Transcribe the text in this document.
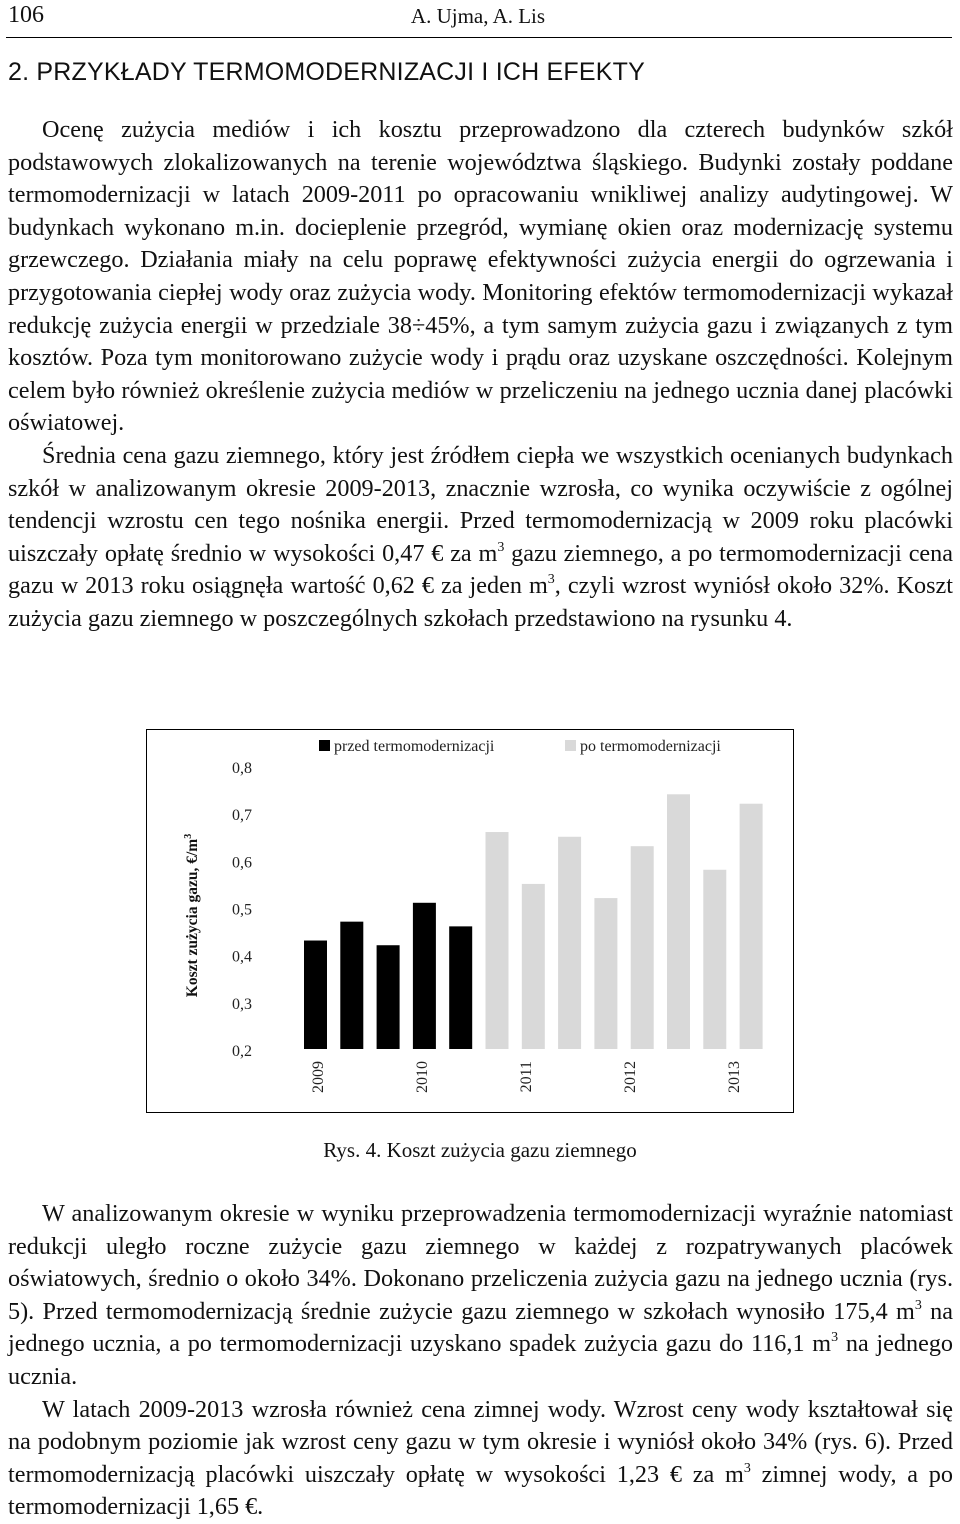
106	A. Ujma, A. Lis
2. PRZYKŁADY TERMOMODERNIZACJI I ICH EFEKTY

Ocenę zużycia mediów i ich kosztu przeprowadzono dla czterech budynków szkół podstawowych zlokalizowanych na terenie województwa śląskiego. Budynki zostały poddane termomodernizacji w latach 2009-2011 po opracowaniu wnikliwej analizy audytingowej. W budynkach wykonano m.in. docieplenie przegród, wymianę okien oraz modernizację systemu grzewczego. Działania miały na celu poprawę efektywności zużycia energii do ogrzewania i przygotowania ciepłej wody oraz zużycia wody. Monitoring efektów termomodernizacji wykazał redukcję zużycia energii w przedziale 38÷45%, a tym samym zużycia gazu i związanych z tym kosztów. Poza tym monitorowano zużycie wody i prądu oraz uzyskane oszczędności. Kolejnym celem było również określenie zużycia mediów w przeliczeniu na jednego ucznia danej placówki oświatowej.

Średnia cena gazu ziemnego, który jest źródłem ciepła we wszystkich ocenianych budynkach szkół w analizowanym okresie 2009-2013, znacznie wzrosła, co wynika oczywiście z ogólnej tendencji wzrostu cen tego nośnika energii. Przed termomodernizacją w 2009 roku placówki uiszczały opłatę średnio w wysokości 0,47 € za $m^3$ gazu ziemnego, a po termomodernizacji cena gazu w 2013 roku osiągnęła wartość 0,62 € za jeden $m^3$, czyli wzrost wyniósł około 32%. Koszt zużycia gazu ziemnego w poszczególnych szkołach przedstawiono na rysunku 4.

0,2
0,3
0,4
0,5
0,6
0,7
0,8
Koszt zużycia gazu, $€/m^3$
2009	2010	2011	2012	2013
przed termomodernizacji	po termomodernizacji
Rys. 4. Koszt zużycia gazu ziemnego

W analizowanym okresie w wyniku przeprowadzenia termomodernizacji wyraźnie natomiast redukcji uległo roczne zużycie gazu ziemnego w każdej z rozpatrywanych placówek oświatowych, średnio o około 34%. Dokonano przeliczenia zużycia gazu na jednego ucznia (rys. 5). Przed termomodernizacją średnie zużycie gazu ziemnego w szkołach wynosiło 175,4 $m^3$ na jednego ucznia, a po termomodernizacji uzyskano spadek zużycia gazu do 116,1 $m^3$ na jednego ucznia.

W latach 2009-2013 wzrosła również cena zimnej wody. Wzrost ceny wody kształtował się na podobnym poziomie jak wzrost ceny gazu w tym okresie i wyniósł około 34% (rys. 6). Przed termomodernizacją placówki uiszczały opłatę w wysokości 1,23 € za $m^3$ zimnej wody, a po termomodernizacji 1,65 €.
